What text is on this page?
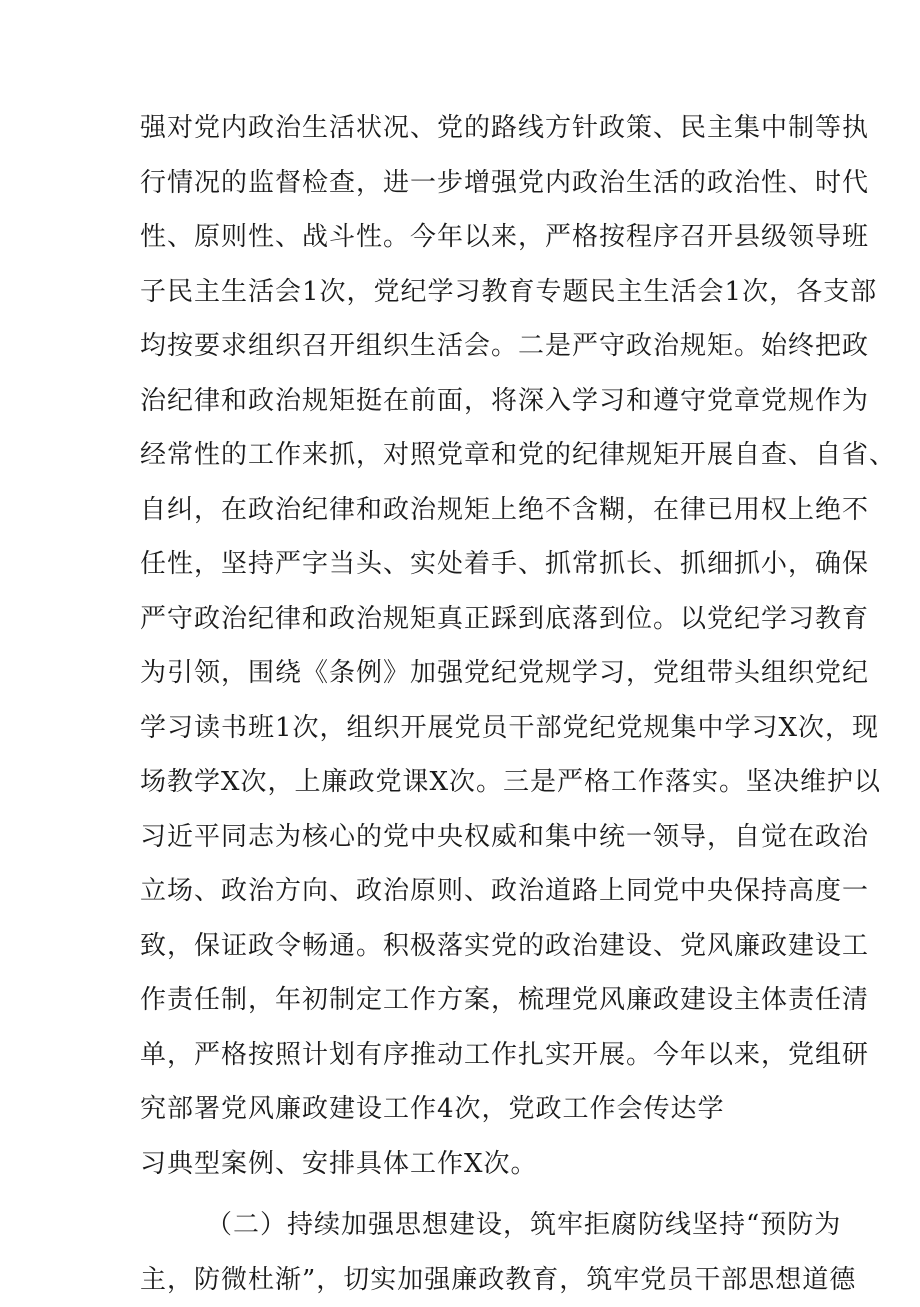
强对党内政治生活状况、党的路线方针政策、民主集中制等执
行情况的监督检查，进一步增强党内政治生活的政治性、时代
性、原则性、战斗性。今年以来，严格按程序召开县级领导班
子民主生活会1次，党纪学习教育专题民主生活会1次，各支部
均按要求组织召开组织生活会。二是严守政治规矩。始终把政
治纪律和政治规矩挺在前面，将深入学习和遵守党章党规作为
经常性的工作来抓，对照党章和党的纪律规矩开展自查、自省、
自纠，在政治纪律和政治规矩上绝不含糊，在律已用权上绝不
任性，坚持严字当头、实处着手、抓常抓长、抓细抓小，确保
严守政治纪律和政治规矩真正踩到底落到位。以党纪学习教育
为引领，围绕《条例》加强党纪党规学习，党组带头组织党纪
学习读书班1次，组织开展党员干部党纪党规集中学习X次，现
场教学X次，上廉政党课X次。三是严格工作落实。坚决维护以
习近平同志为核心的党中央权威和集中统一领导，自觉在政治
立场、政治方向、政治原则、政治道路上同党中央保持高度一
致，保证政令畅通。积极落实党的政治建设、党风廉政建设工
作责任制，年初制定工作方案，梳理党风廉政建设主体责任清
单，严格按照计划有序推动工作扎实开展。今年以来，党组研
究部署党风廉政建设工作4次，党政工作会传达学
习典型案例、安排具体工作X次。
（二）持续加强思想建设，筑牢拒腐防线坚持“预防为
主，防微杜渐”，切实加强廉政教育，筑牢党员干部思想道德
